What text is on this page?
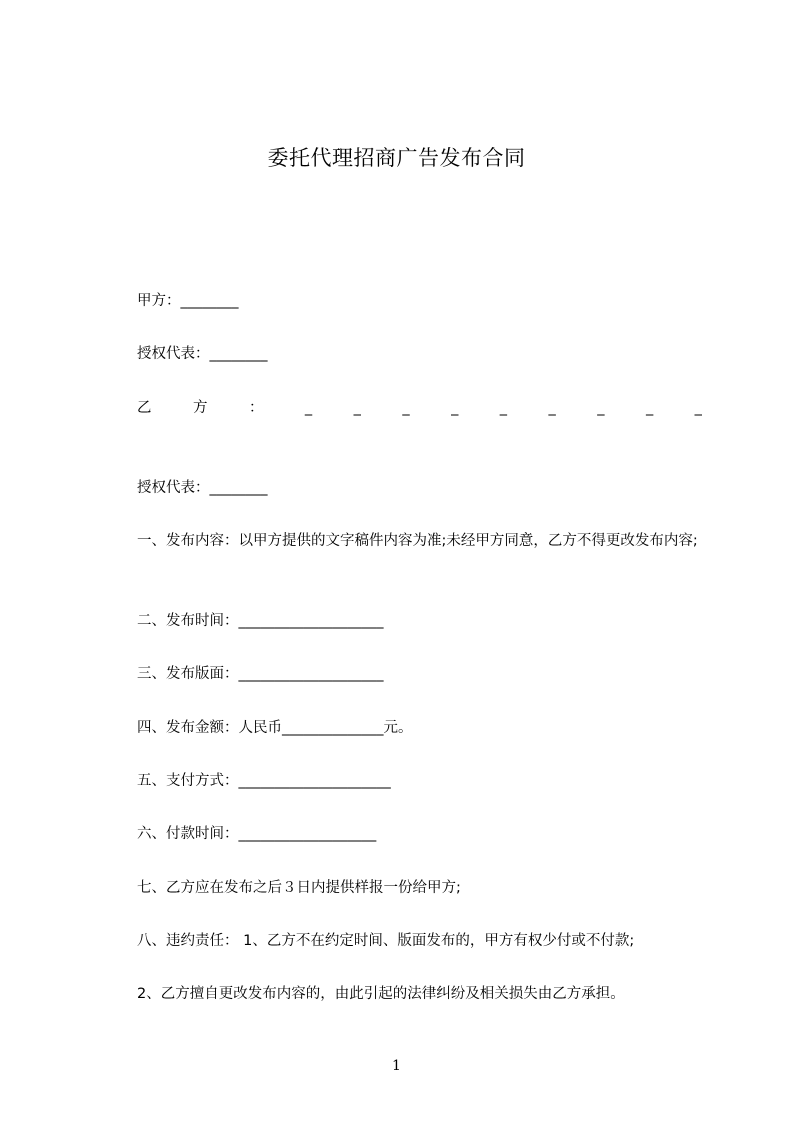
委托代理招商广告发布合同
甲方：________
授权代表：________
乙	方	：	_	_	_	_	_	_	_	_	_
授权代表：________
一、发布内容：以甲方提供的文字稿件内容为准;未经甲方同意，乙方不得更改发布内容;
二、发布时间：____________________
三、发布版面：____________________
四、发布金额：人民币______________元。
五、支付方式：_____________________
六、付款时间：___________________
七、乙方应在发布之后３日内提供样报一份给甲方;
八、违约责任： 1、乙方不在约定时间、版面发布的，甲方有权少付或不付款;
2、乙方擅自更改发布内容的，由此引起的法律纠纷及相关损失由乙方承担。
1
